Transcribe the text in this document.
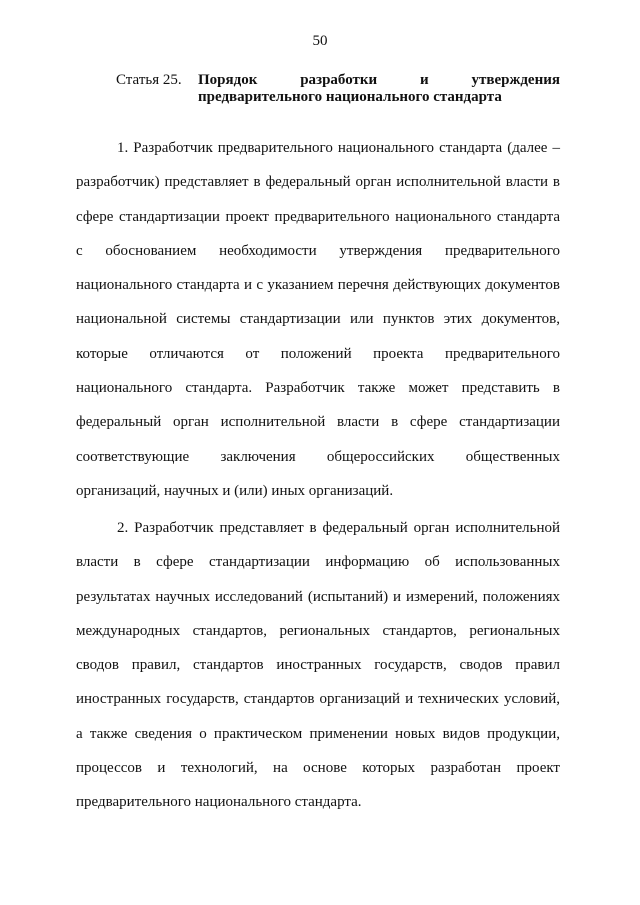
50
Статья 25.	Порядок разработки и утверждения
предварительного национального стандарта

1. Разработчик предварительного национального стандарта (далее – разработчик) представляет в федеральный орган исполнительной власти в сфере стандартизации проект предварительного национального стандарта с обоснованием необходимости утверждения предварительного национального стандарта и с указанием перечня действующих документов национальной системы стандартизации или пунктов этих документов, которые отличаются от положений проекта предварительного национального стандарта. Разработчик также может представить в федеральный орган исполнительной власти в сфере стандартизации соответствующие заключения общероссийских общественных организаций, научных и (или) иных организаций.

2. Разработчик представляет в федеральный орган исполнительной власти в сфере стандартизации информацию об использованных результатах научных исследований (испытаний) и измерений, положениях международных стандартов, региональных стандартов, региональных сводов правил, стандартов иностранных государств, сводов правил иностранных государств, стандартов организаций и технических условий, а также сведения о практическом применении новых видов продукции, процессов и технологий, на основе которых разработан проект предварительного национального стандарта.
